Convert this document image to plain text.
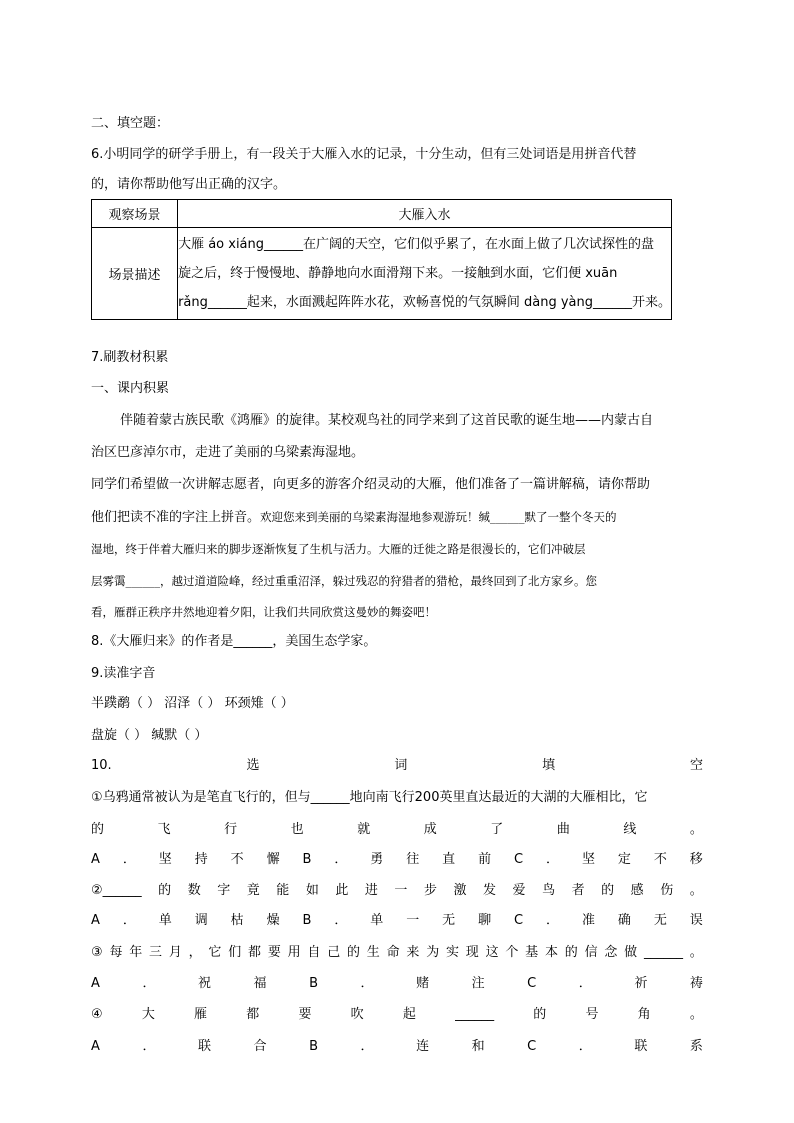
二、填空题：
6.小明同学的研学手册上，有一段关于大雁入水的记录，十分生动，但有三处词语是用拼音代替
的，请你帮助他写出正确的汉字。
观察场景	大雁入水
场景描述	大雁 áo xiáng______在广阔的天空，它们似乎累了，在水面上做了几次试探性的盘
旋之后，终于慢慢地、静静地向水面滑翔下来。一接触到水面，它们便 xuān
rǎng______起来，水面溅起阵阵水花，欢畅喜悦的气氛瞬间 dàng yàng______开来。
7.刷教材积累
一、课内积累
伴随着蒙古族民歌《鸿雁》的旋律。某校观鸟社的同学来到了这首民歌的诞生地——内蒙古自
治区巴彦淖尔市，走进了美丽的乌梁素海湿地。
同学们希望做一次讲解志愿者，向更多的游客介绍灵动的大雁，他们准备了一篇讲解稿，请你帮助
他们把读不准的字注上拼音。欢迎您来到美丽的乌梁素海湿地参观游玩！缄______默了一整个冬天的
湿地，终于伴着大雁归来的脚步逐渐恢复了生机与活力。大雁的迁徙之路是很漫长的，它们冲破层
层雾霭______，越过道道险峰，经过重重沼泽，躲过残忍的狩猎者的猎枪，最终回到了北方家乡。您
看，雁群正秩序井然地迎着夕阳，让我们共同欣赏这曼妙的舞姿吧！
8.《大雁归来》的作者是______，美国生态学家。
9.读准字音
半蹼鹬（ ） 沼泽（ ） 环颈雉（ ）
盘旋（ ） 缄默（ ）
10.	选	词	填	空
①乌鸦通常被认为是笔直飞行的，但与______地向南飞行200英里直达最近的大湖的大雁相比，它
的	飞	行	也	就	成	了	曲	线	。
A ． 坚 持 不 懈 B ． 勇 往 直 前 C ． 坚 定 不 移
②______ 的 数 字 竟 能 如 此 进 一 步 激 发 爱 鸟 者 的 感 伤 。
A ． 单 调 枯 燥 B ． 单 一 无 聊 C ． 准 确 无 误
③ 每 年 三 月 ， 它 们 都 要 用 自 己 的 生 命 来 为 实 现 这 个 基 本 的 信 念 做 ______ 。
A	．	祝	福	B	．	赌	注	C	．	祈	祷
④	大	雁	都	要	吹	起	______	的	号	角	。
A	．	联	合	B	．	连	和	C	．	联	系
